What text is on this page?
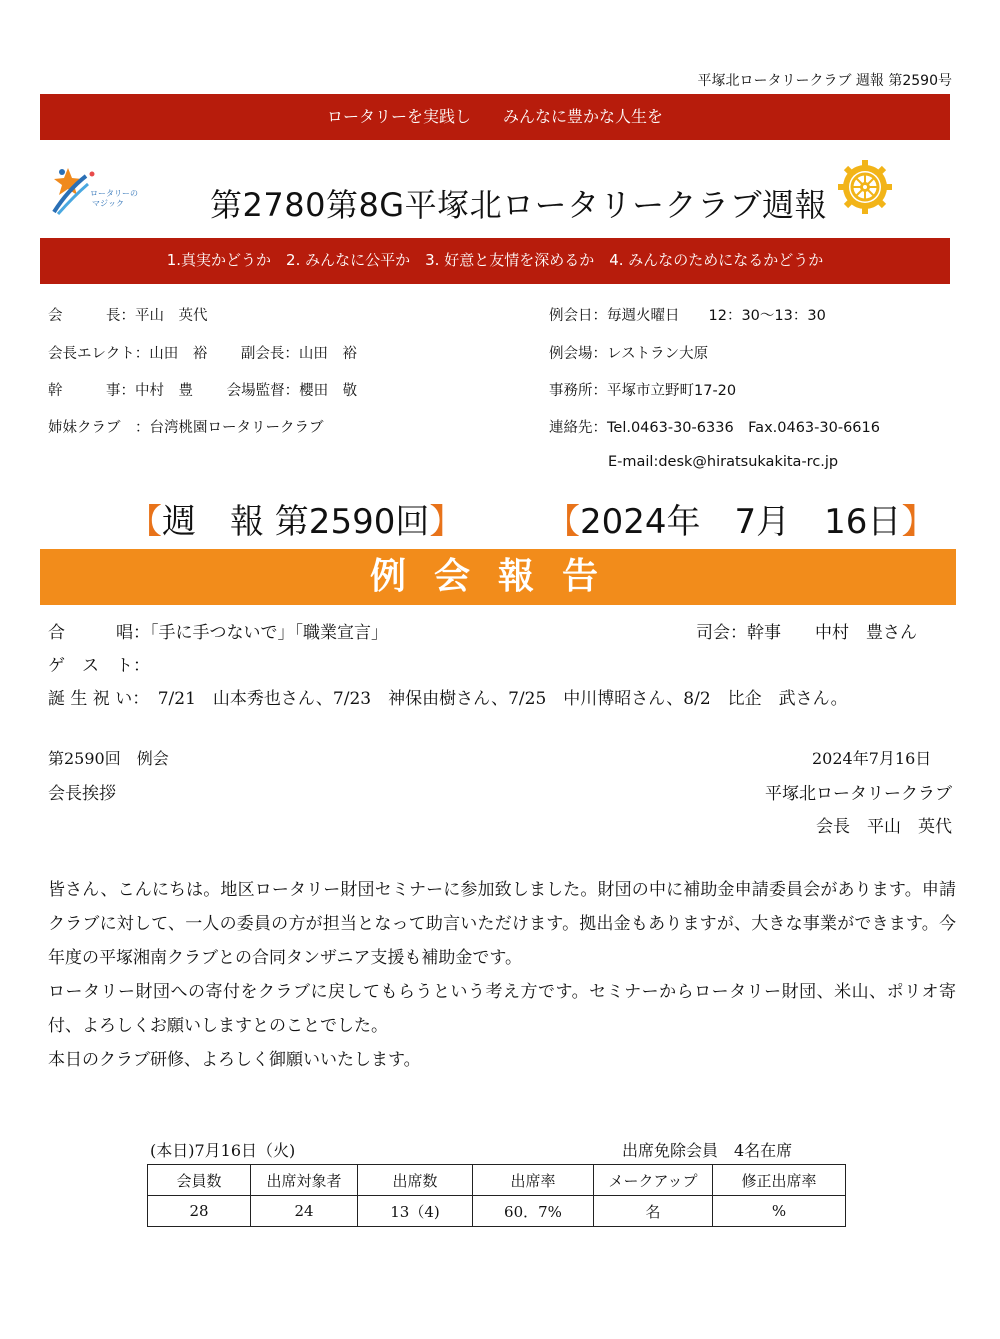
平塚北ロータリークラブ 週報 第2590号
ロータリーを実践し　　みんなに豊かな人生を
ロータリーの
マジック	第2780第8G平塚北ロータリークラブ週報
1.真実かどうか　2. みんなに公平か　3. 好意と友情を深めるか　4. みんなのためになるかどうか
会　　　長：平山　英代
会長エレクト：山田　裕　　 副会長：山田　裕
幹　　　事：中村　豊　　 会場監督：櫻田　敬
姉妹クラブ　：台湾桃園ロータリークラブ
例会日：毎週火曜日　　12：30〜13：30
例会場：レストラン大原
事務所：平塚市立野町17-20
連絡先：Tel.0463-30-6336　Fax.0463-30-6616
E-mail:desk@hiratsukakita-rc.jp
【週　報 第2590回】 【2024年　7月　16日】
例会報告
合　　　唱：「手に手つないで」「職業宣言」	司会：幹事　　中村　豊さん
ゲ　ス　ト：
誕 生 祝 い：　7/21　山本秀也さん、7/23　神保由樹さん、7/25　中川博昭さん、8/2　比企　武さん。
第2590回　例会	2024年7月16日
会長挨拶	平塚北ロータリークラブ
会長　平山　英代

皆さん、こんにちは。地区ロータリー財団セミナーに参加致しました。財団の中に補助金申請委員会があります。申請クラブに対して、一人の委員の方が担当となって助言いただけます。拠出金もありますが、大きな事業ができます。今年度の平塚湘南クラブとの合同タンザニア支援も補助金です。

ロータリー財団への寄付をクラブに戻してもらうという考え方です。セミナーからロータリー財団、米山、ポリオ寄付、よろしくお願いしますとのことでした。

本日のクラブ研修、よろしく御願いいたします。

(本日)7月16日（火)	出席免除会員　4名在席
会員数	出席対象者	出席数	出席率	メークアップ	修正出席率
28	24	13（4)	60．7%	名	%
